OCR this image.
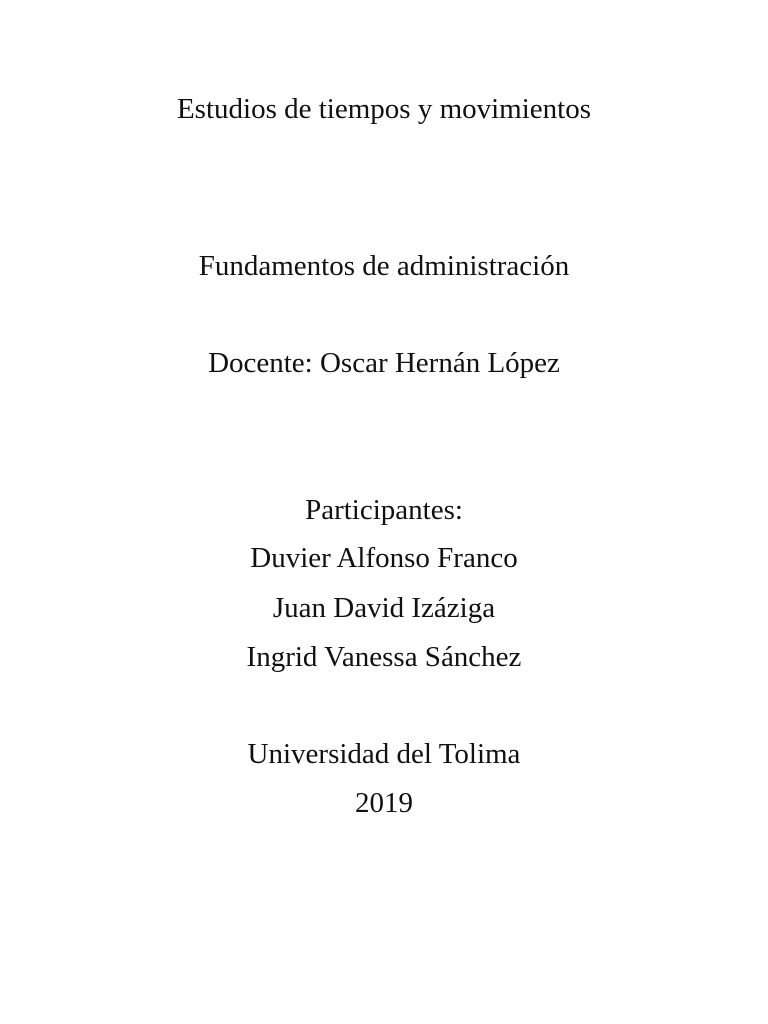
Estudios de tiempos y movimientos
Fundamentos de administración
Docente: Oscar Hernán López
Participantes:
Duvier Alfonso Franco
Juan David Izáziga
Ingrid Vanessa Sánchez
Universidad del Tolima
2019
